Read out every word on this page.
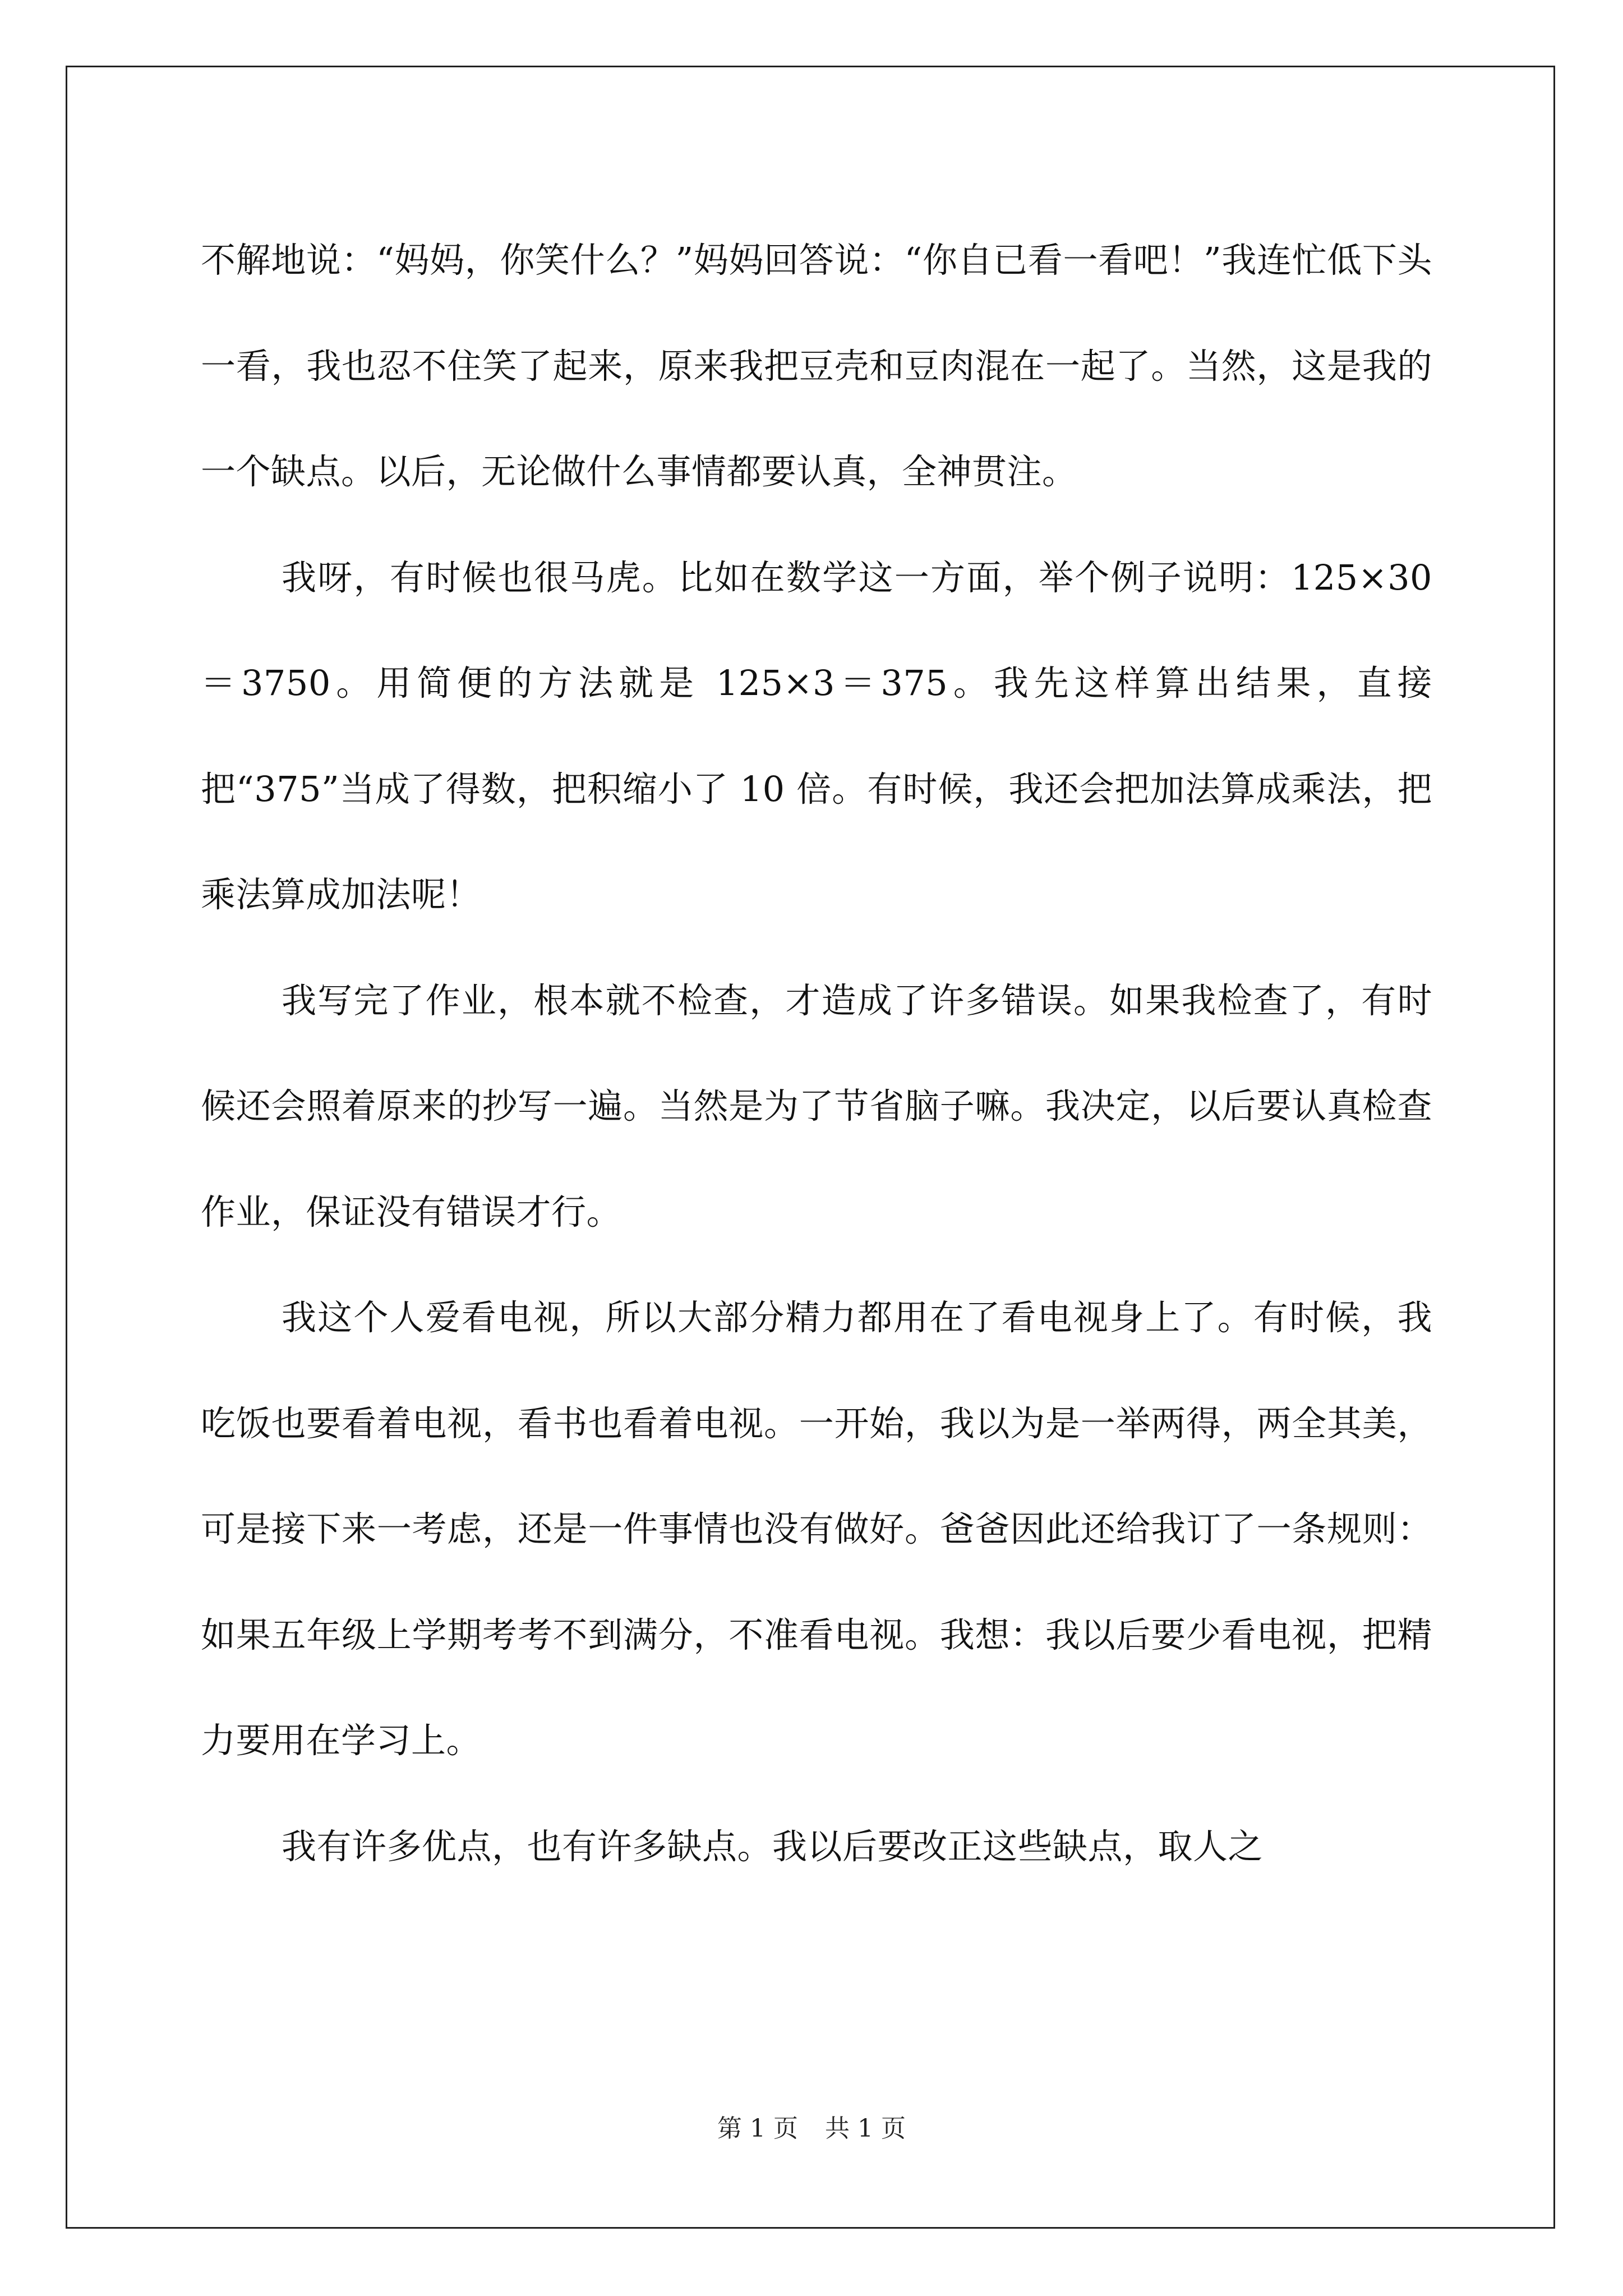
不解地说：“妈妈，你笑什么？”妈妈回答说：“你自已看一看吧！”我连忙低下头一看，我也忍不住笑了起来，原来我把豆壳和豆肉混在一起了。当然，这是我的一个缺点。以后，无论做什么事情都要认真，全神贯注。

我呀，有时候也很马虎。比如在数学这一方面，举个例子说明：125×30＝3750。用简便的方法就是 125×3＝375。我先这样算出结果，直接把“375”当成了得数，把积缩小了 10 倍。有时候，我还会把加法算成乘法，把乘法算成加法呢！

我写完了作业，根本就不检查，才造成了许多错误。如果我检查了，有时候还会照着原来的抄写一遍。当然是为了节省脑子嘛。我决定，以后要认真检查作业，保证没有错误才行。

我这个人爱看电视，所以大部分精力都用在了看电视身上了。有时候，我吃饭也要看着电视，看书也看着电视。一开始，我以为是一举两得，两全其美，可是接下来一考虑，还是一件事情也没有做好。爸爸因此还给我订了一条规则：如果五年级上学期考考不到满分，不准看电视。我想：我以后要少看电视，把精力要用在学习上。

我有许多优点，也有许多缺点。我以后要改正这些缺点，取人之

第 1 页 共 1 页
